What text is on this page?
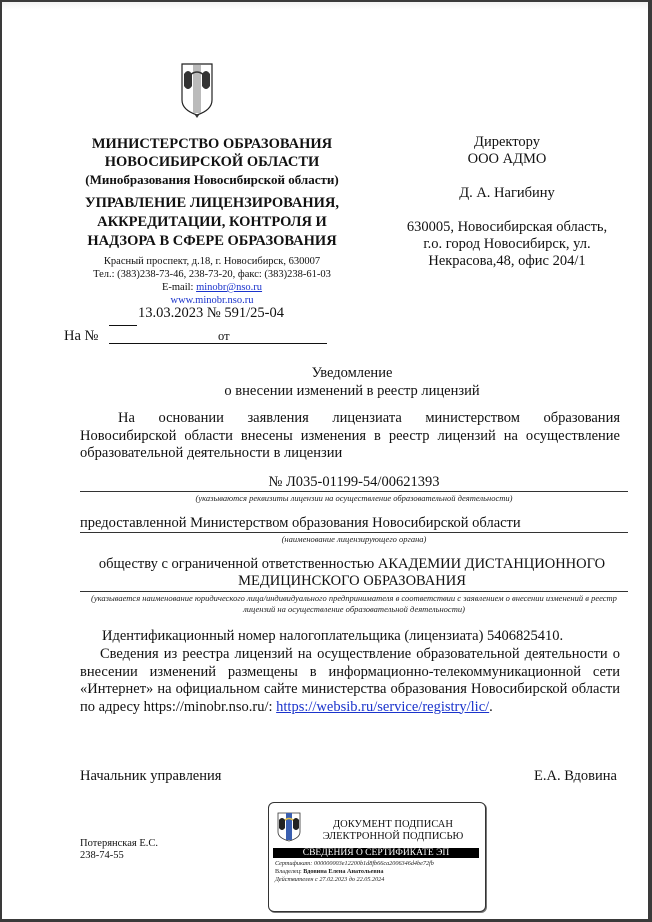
МИНИСТЕРСТВО ОБРАЗОВАНИЯ
НОВОСИБИРСКОЙ ОБЛАСТИ
(Минобразования Новосибирской области)
УПРАВЛЕНИЕ ЛИЦЕНЗИРОВАНИЯ,
АККРЕДИТАЦИИ, КОНТРОЛЯ И
НАДЗОРА В СФЕРЕ ОБРАЗОВАНИЯ
Красный проспект, д.18, г. Новосибирск, 630007
Тел.: (383)238-73-46, 238-73-20, факс: (383)238-61-03
E-mail: minobr@nso.ru
www.minobr.nso.ru
13.03.2023 № 591/25-04
На №	от
Директору
ООО АДМО
Д. А. Нагибину
630005, Новосибирская область,
г.о. город Новосибирск, ул.
Некрасова,48, офис 204/1
Уведомление
о внесении изменений в реестр лицензий
На основании заявления лицензиата министерством образования Новосибирской области внесены изменения в реестр лицензий на осуществление образовательной деятельности в лицензии
№ Л035-01199-54/00621393
(указываются реквизиты лицензии на осуществление образовательной деятельности)
предоставленной Министерством образования Новосибирской области
(наименование лицензирующего органа)
обществу с ограниченной ответственностью АКАДЕМИИ ДИСТАНЦИОННОГО
МЕДИЦИНСКОГО ОБРАЗОВАНИЯ
(указывается наименование юридического лица/индивидуального предпринимателя в соответствии с заявлением о внесении изменений в реестр лицензий на осуществление образовательной деятельности)
Идентификационный номер налогоплательщика (лицензиата) 5406825410.
Сведения из реестра лицензий на осуществление образовательной деятельности о внесении изменений размещены в информационно-телекоммуникационной сети «Интернет» на официальном сайте министерства образования Новосибирской области по адресу https://minobr.nso.ru/: https://websib.ru/service/registry/lic/.
Начальник управления	Е.А. Вдовина
Потерянская Е.С.
238-74-55
ДОКУМЕНТ ПОДПИСАН
ЭЛЕКТРОННОЙ ПОДПИСЬЮ
СВЕДЕНИЯ О СЕРТИФИКАТЕ ЭП
Сертификат: 000000003e12200b1d8fb66ca2006346d4be72fb
Владелец: Вдовина Елена Анатольевна
Действителен с 27.02.2023 до 22.05.2024
